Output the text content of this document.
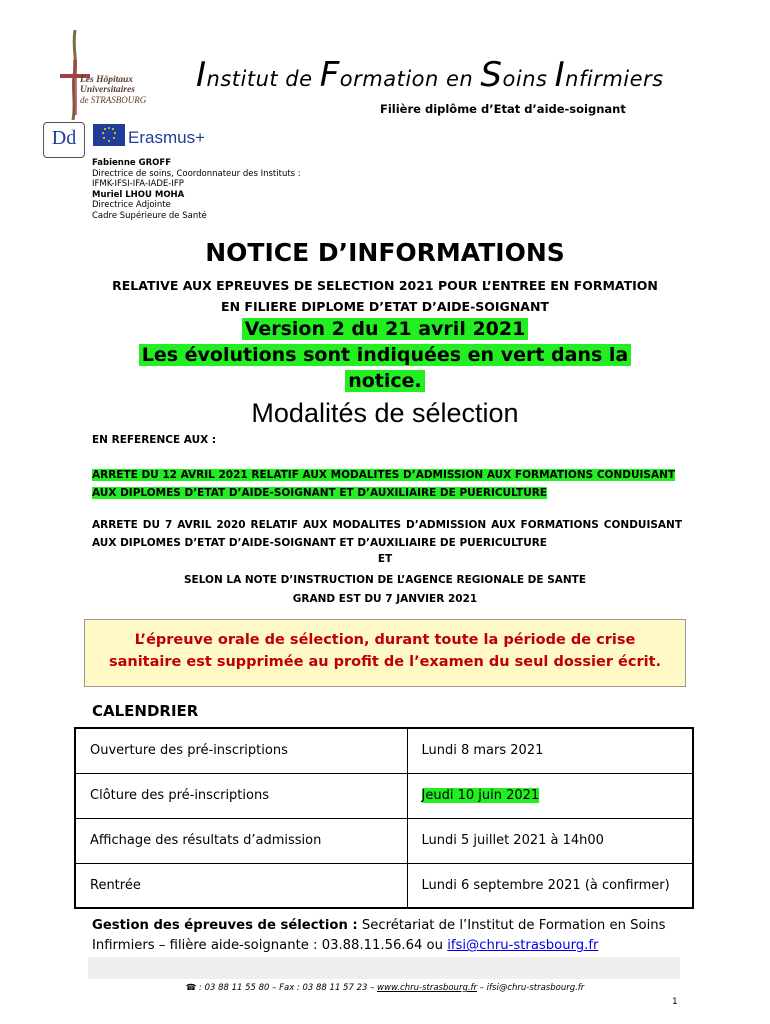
Les Hôpitaux
Universitaires
de STRASBOURG
Institut de Formation en Soins Infirmiers
Filière diplôme d’Etat d’aide-soignant
Dd	Erasmus+
Fabienne GROFF
Directrice de soins, Coordonnateur des Instituts :
IFMK-IFSI-IFA-IADE-IFP
Muriel LHOU MOHA
Directrice Adjointe
Cadre Supérieure de Santé
NOTICE D’INFORMATIONS
RELATIVE AUX EPREUVES DE SELECTION 2021 POUR L’ENTREE EN FORMATION
EN FILIERE DIPLOME D’ETAT D’AIDE-SOIGNANT
Version 2 du 21 avril 2021
Les évolutions sont indiquées en vert dans la
notice.
Modalités de sélection
EN REFERENCE AUX :
ARRETE DU 12 AVRIL 2021 RELATIF AUX MODALITES D’ADMISSION AUX FORMATIONS CONDUISANT
AUX DIPLOMES D’ETAT D’AIDE-SOIGNANT ET D’AUXILIAIRE DE PUERICULTURE
ARRETE DU 7 AVRIL 2020 RELATIF AUX MODALITES D’ADMISSION AUX FORMATIONS CONDUISANT AUX DIPLOMES D’ETAT D’AIDE-SOIGNANT ET D’AUXILIAIRE DE PUERICULTURE
ET
SELON LA NOTE D’INSTRUCTION DE L’AGENCE REGIONALE DE SANTE
GRAND EST DU 7 JANVIER 2021
L’épreuve orale de sélection, durant toute la période de crise
sanitaire est supprimée au profit de l’examen du seul dossier écrit.
CALENDRIER
Ouverture des pré-inscriptions	Lundi 8 mars 2021
Clôture des pré-inscriptions	Jeudi 10 juin 2021
Affichage des résultats d’admission	Lundi 5 juillet 2021 à 14h00
Rentrée	Lundi 6 septembre 2021 (à confirmer)
Gestion des épreuves de sélection : Secrétariat de l’Institut de Formation en Soins Infirmiers – filière aide-soignante : 03.88.11.56.64 ou ifsi@chru-strasbourg.fr
☎ : 03 88 11 55 80 – Fax : 03 88 11 57 23 – www.chru-strasbourg.fr – ifsi@chru-strasbourg.fr
1
